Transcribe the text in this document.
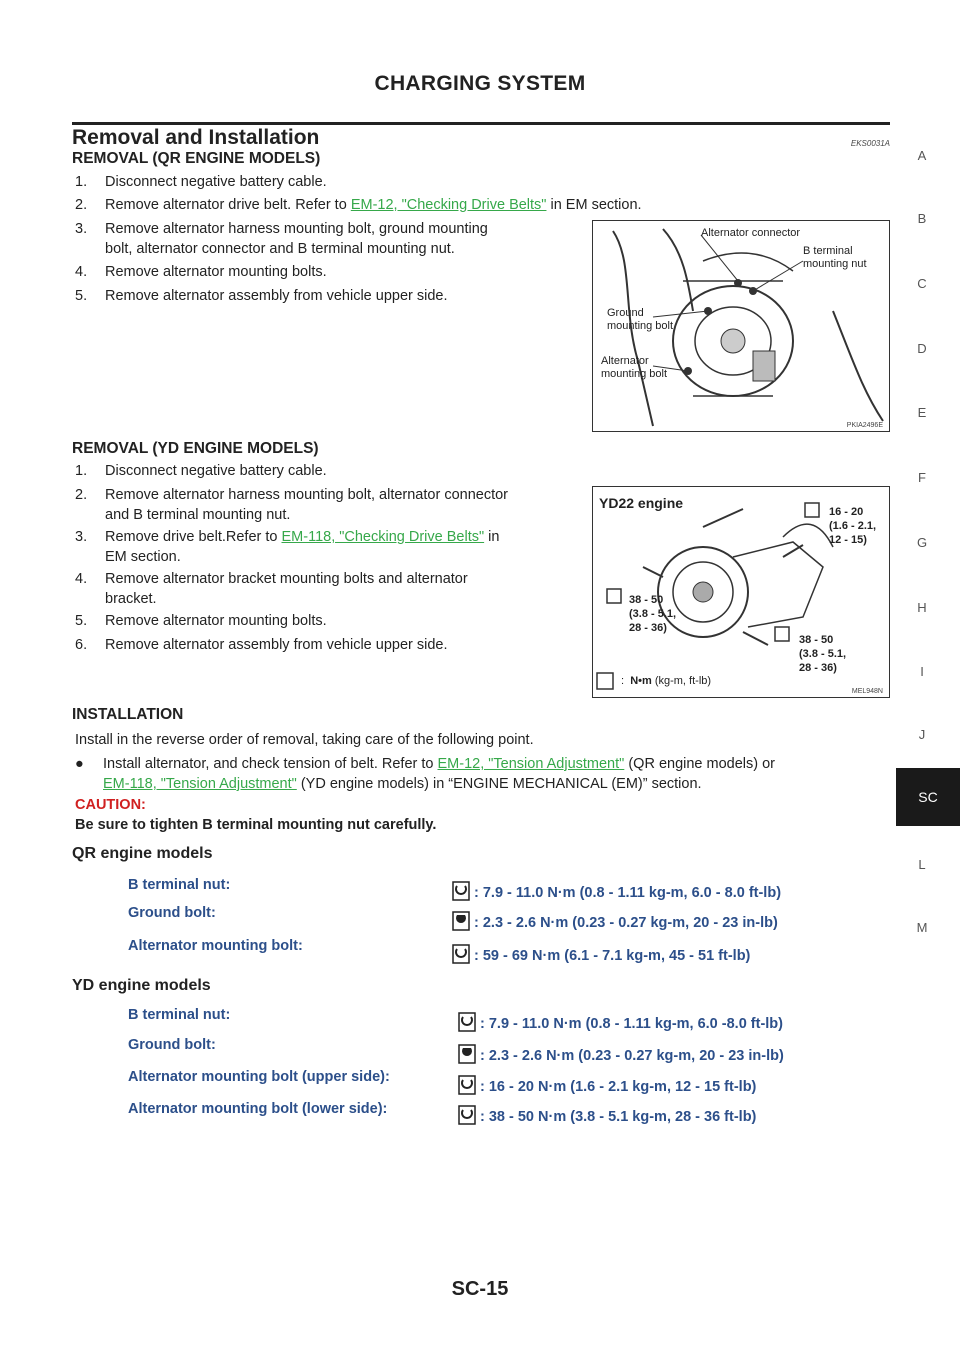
CHARGING SYSTEM
Removal and Installation	EKS0031A
REMOVAL (QR ENGINE MODELS)
1. Disconnect negative battery cable.
2. Remove alternator drive belt. Refer to EM-12, "Checking Drive Belts" in EM section.
3. Remove alternator harness mounting bolt, ground mounting
bolt, alternator connector and B terminal mounting nut.
4. Remove alternator mounting bolts.
5. Remove alternator assembly from vehicle upper side.
Alternator connector
B terminal
mounting nut
Ground
mounting bolt
Alternator
mounting bolt
PKIA2496E
REMOVAL (YD ENGINE MODELS)
1. Disconnect negative battery cable.
2. Remove alternator harness mounting bolt, alternator connector
and B terminal mounting nut.
3. Remove drive belt.Refer to EM-118, "Checking Drive Belts" in
EM section.
4. Remove alternator bracket mounting bolts and alternator
bracket.
5. Remove alternator mounting bolts.
6. Remove alternator assembly from vehicle upper side.
YD22 engine
16 - 20
(1.6 - 2.1,
12 - 15)
38 - 50
(3.8 - 5.1,
28 - 36)
38 - 50
(3.8 - 5.1,
28 - 36)
: N•m (kg-m, ft-lb)
MEL948N
INSTALLATION
Install in the reverse order of removal, taking care of the following point.
● Install alternator, and check tension of belt. Refer to EM-12, "Tension Adjustment" (QR engine models) or
EM-118, "Tension Adjustment" (YD engine models) in “ENGINE MECHANICAL (EM)” section.
CAUTION:
Be sure to tighten B terminal mounting nut carefully.
QR engine models
B terminal nut:	: 7.9 - 11.0 N·m (0.8 - 1.11 kg-m, 6.0 - 8.0 ft-lb)
Ground bolt:
: 2.3 - 2.6 N·m (0.23 - 0.27 kg-m, 20 - 23 in-lb)
Alternator mounting bolt:
: 59 - 69 N·m (6.1 - 7.1 kg-m, 45 - 51 ft-lb)
YD engine models
B terminal nut:
: 7.9 - 11.0 N·m (0.8 - 1.11 kg-m, 6.0 -8.0 ft-lb)
Ground bolt:
: 2.3 - 2.6 N·m (0.23 - 0.27 kg-m, 20 - 23 in-lb)
Alternator mounting bolt (upper side):
: 16 - 20 N·m (1.6 - 2.1 kg-m, 12 - 15 ft-lb)
Alternator mounting bolt (lower side):	: 38 - 50 N·m (3.8 - 5.1 kg-m, 28 - 36 ft-lb)
A
B
C
D
E
F
G
H
I
J
SC
L
M
SC-15
